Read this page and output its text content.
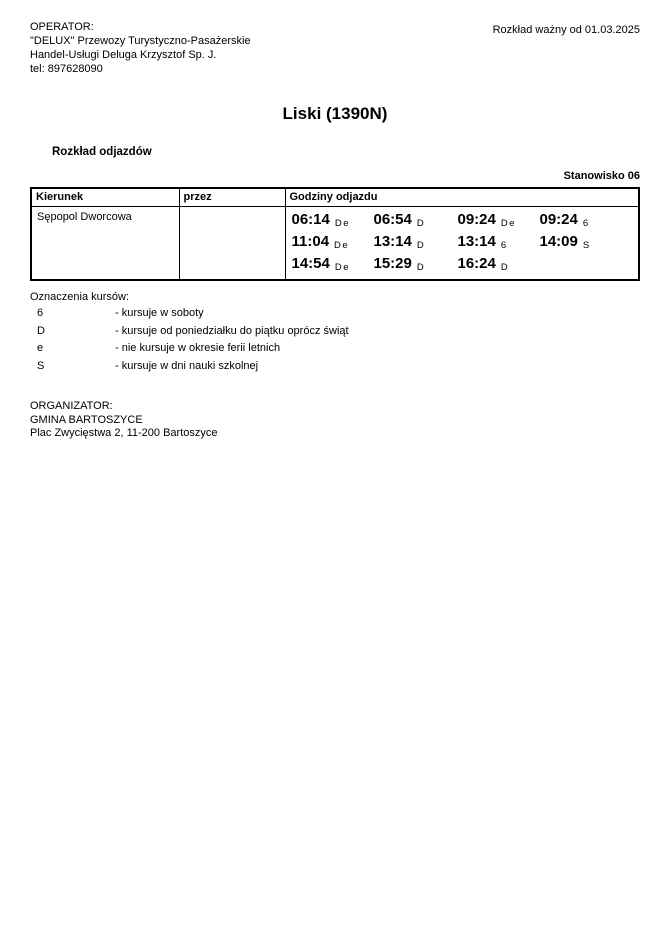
OPERATOR:
"DELUX" Przewozy Turystyczno-Pasażerskie
Handel-Usługi Deluga Krzysztof Sp. J.
tel: 897628090
Rozkład ważny od 01.03.2025
Liski (1390N)
Rozkład odjazdów
Stanowisko 06
Kierunek	przez	Godziny odjazdu
Sępopol Dworcowa		06:14 De 06:54 D 09:24 De 09:24 6
11:04 De 13:14 D 13:14 6 14:09 S
14:54 De 15:29 D 16:24 D
Oznaczenia kursów:
6	- kursuje w soboty
D	- kursuje od poniedziałku do piątku oprócz świąt
e	- nie kursuje w okresie ferii letnich
S	- kursuje w dni nauki szkolnej
ORGANIZATOR:
GMINA BARTOSZYCE
Plac Zwycięstwa 2, 11-200 Bartoszyce
